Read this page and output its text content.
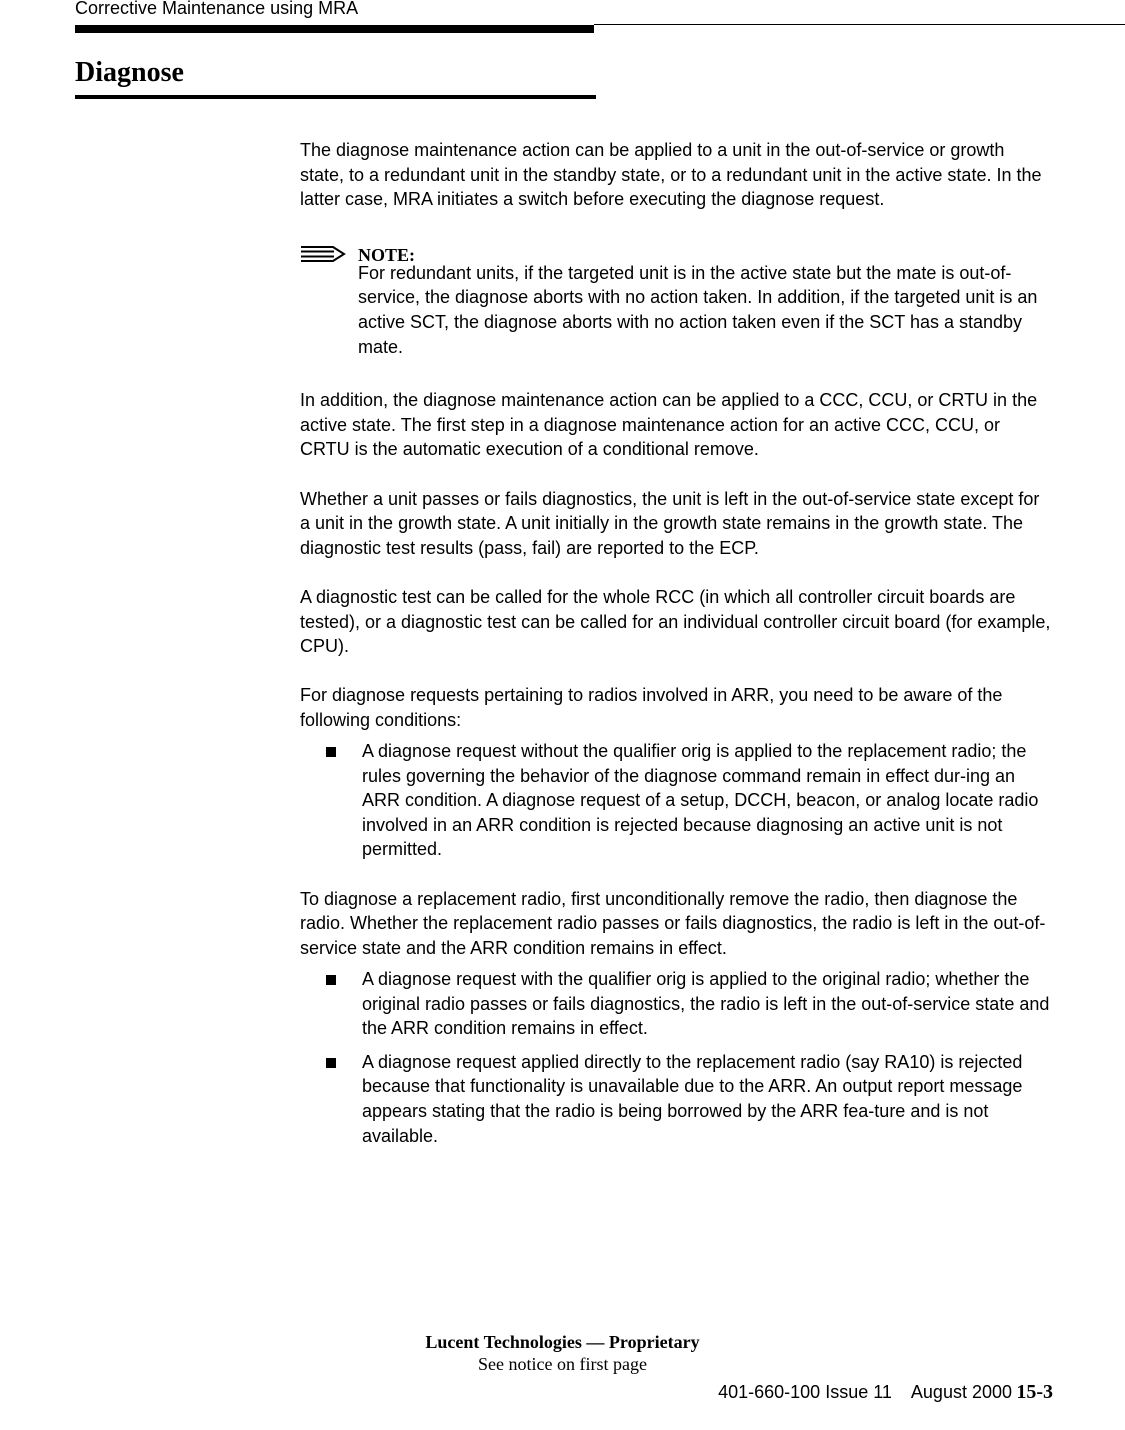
Corrective Maintenance using MRA
Diagnose

The diagnose maintenance action can be applied to a unit in the out-of-service or growth state, to a redundant unit in the standby state, or to a redundant unit in the active state. In the latter case, MRA initiates a switch before executing the diagnose request.

NOTE:
For redundant units, if the targeted unit is in the active state but the mate is out-of-service, the diagnose aborts with no action taken. In addition, if the targeted unit is an active SCT, the diagnose aborts with no action taken even if the SCT has a standby mate.

In addition, the diagnose maintenance action can be applied to a CCC, CCU, or CRTU in the active state. The first step in a diagnose maintenance action for an active CCC, CCU, or CRTU is the automatic execution of a conditional remove.

Whether a unit passes or fails diagnostics, the unit is left in the out-of-service state except for a unit in the growth state. A unit initially in the growth state remains in the growth state. The diagnostic test results (pass, fail) are reported to the ECP.

A diagnostic test can be called for the whole RCC (in which all controller circuit boards are tested), or a diagnostic test can be called for an individual controller circuit board (for example, CPU).

For diagnose requests pertaining to radios involved in ARR, you need to be aware of the following conditions:

A diagnose request without the qualifier orig is applied to the replacement radio; the rules governing the behavior of the diagnose command remain in effect dur-ing an ARR condition. A diagnose request of a setup, DCCH, beacon, or analog locate radio involved in an ARR condition is rejected because diagnosing an active unit is not permitted.

To diagnose a replacement radio, first unconditionally remove the radio, then diagnose the radio. Whether the replacement radio passes or fails diagnostics, the radio is left in the out-of-service state and the ARR condition remains in effect.

A diagnose request with the qualifier orig is applied to the original radio; whether the original radio passes or fails diagnostics, the radio is left in the out-of-service state and the ARR condition remains in effect.
A diagnose request applied directly to the replacement radio (say RA10) is rejected because that functionality is unavailable due to the ARR. An output report message appears stating that the radio is being borrowed by the ARR fea-ture and is not available.
Lucent Technologies — Proprietary
See notice on first page
401-660-100 Issue 11    August 2000 15-3
